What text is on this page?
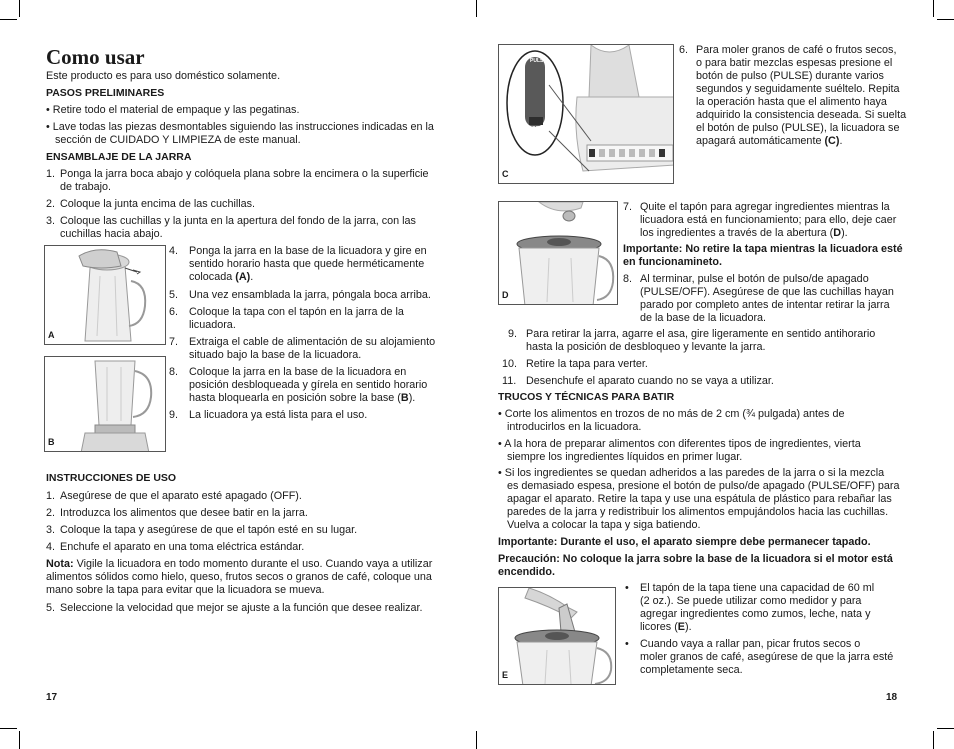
Como usar
Este producto es para uso doméstico solamente.
PASOS PRELIMINARES
• Retire todo el material de empaque y las pegatinas.
• Lave todas las piezas desmontables siguiendo las instrucciones indicadas en la
sección de CUIDADO Y LIMPIEZA de este manual.
ENSAMBLAJE DE LA JARRA
1. Ponga la jarra boca abajo y colóquela plana sobre la encimera o la superficie
de trabajo.
2. Coloque la junta encima de las cuchillas.
3. Coloque las cuchillas y la junta en la apertura del fondo de la jarra, con las
cuchillas hacia abajo.
A
B
4. Ponga la jarra en la base de la licuadora y gire en
sentido horario hasta que quede herméticamente
colocada (A).
5. Una vez ensamblada la jarra, póngala boca arriba.
6. Coloque la tapa con el tapón en la jarra de la
licuadora.
7. Extraiga el cable de alimentación de su alojamiento
situado bajo la base de la licuadora.
8. Coloque la jarra en la base de la licuadora en
posición desbloqueada y gírela en sentido horario
hasta bloquearla en posición sobre la base (B).
9. La licuadora ya está lista para el uso.
INSTRUCCIONES DE USO
1. Asegúrese de que el aparato esté apagado (OFF).
2. Introduzca los alimentos que desee batir en la jarra.
3. Coloque la tapa y asegúrese de que el tapón esté en su lugar.
4. Enchufe el aparato en una toma eléctrica estándar.
Nota: Vigile la licuadora en todo momento durante el uso. Cuando vaya a utilizar
alimentos sólidos como hielo, queso, frutos secos o granos de café, coloque una
mano sobre la tapa para evitar que la licuadora se mueva.
5. Seleccione la velocidad que mejor se ajuste a la función que desee realizar.
17
PULSE
OFF
C
6. Para moler granos de café o frutos secos,
o para batir mezclas espesas presione el
botón de pulso (PULSE) durante varios
segundos y seguidamente suéltelo. Repita
la operación hasta que el alimento haya
adquirido la consistencia deseada. Si suelta
el botón de pulso (PULSE), la licuadora se
apagará automáticamente (C).
D
7. Quite el tapón para agregar ingredientes mientras la
licuadora está en funcionamiento; para ello, deje caer
los ingredientes a través de la abertura (D).
Importante: No retire la tapa mientras la licuadora esté
en funcionamineto.
8. Al terminar, pulse el botón de pulso/de apagado
(PULSE/OFF). Asegúrese de que las cuchillas hayan
parado por completo antes de intentar retirar la jarra
de la base de la licuadora.
9. Para retirar la jarra, agarre el asa, gire ligeramente en sentido antihorario
hasta la posición de desbloqueo y levante la jarra.
10. Retire la tapa para verter.
11. Desenchufe el aparato cuando no se vaya a utilizar.
TRUCOS Y TÉCNICAS PARA BATIR
• Corte los alimentos en trozos de no más de 2 cm (¾ pulgada) antes de
introducirlos en la licuadora.
• A la hora de preparar alimentos con diferentes tipos de ingredientes, vierta
siempre los ingredientes líquidos en primer lugar.
• Si los ingredientes se quedan adheridos a las paredes de la jarra o si la mezcla
es demasiado espesa, presione el botón de pulso/de apagado (PULSE/OFF) para
apagar el aparato. Retire la tapa y use una espátula de plástico para rebañar las
paredes de la jarra y redistribuir los alimentos empujándolos hacia las cuchillas.
Vuelva a colocar la tapa y siga batiendo.
Importante: Durante el uso, el aparato siempre debe permanecer tapado.
Precaución: No coloque la jarra sobre la base de la licuadora si el motor está
encendido.
E
• El tapón de la tapa tiene una capacidad de 60 ml
(2 oz.). Se puede utilizar como medidor y para
agregar ingredientes como zumos, leche, nata y
licores (E).
• Cuando vaya a rallar pan, picar frutos secos o
moler granos de café, asegúrese de que la jarra esté
completamente seca.
18
